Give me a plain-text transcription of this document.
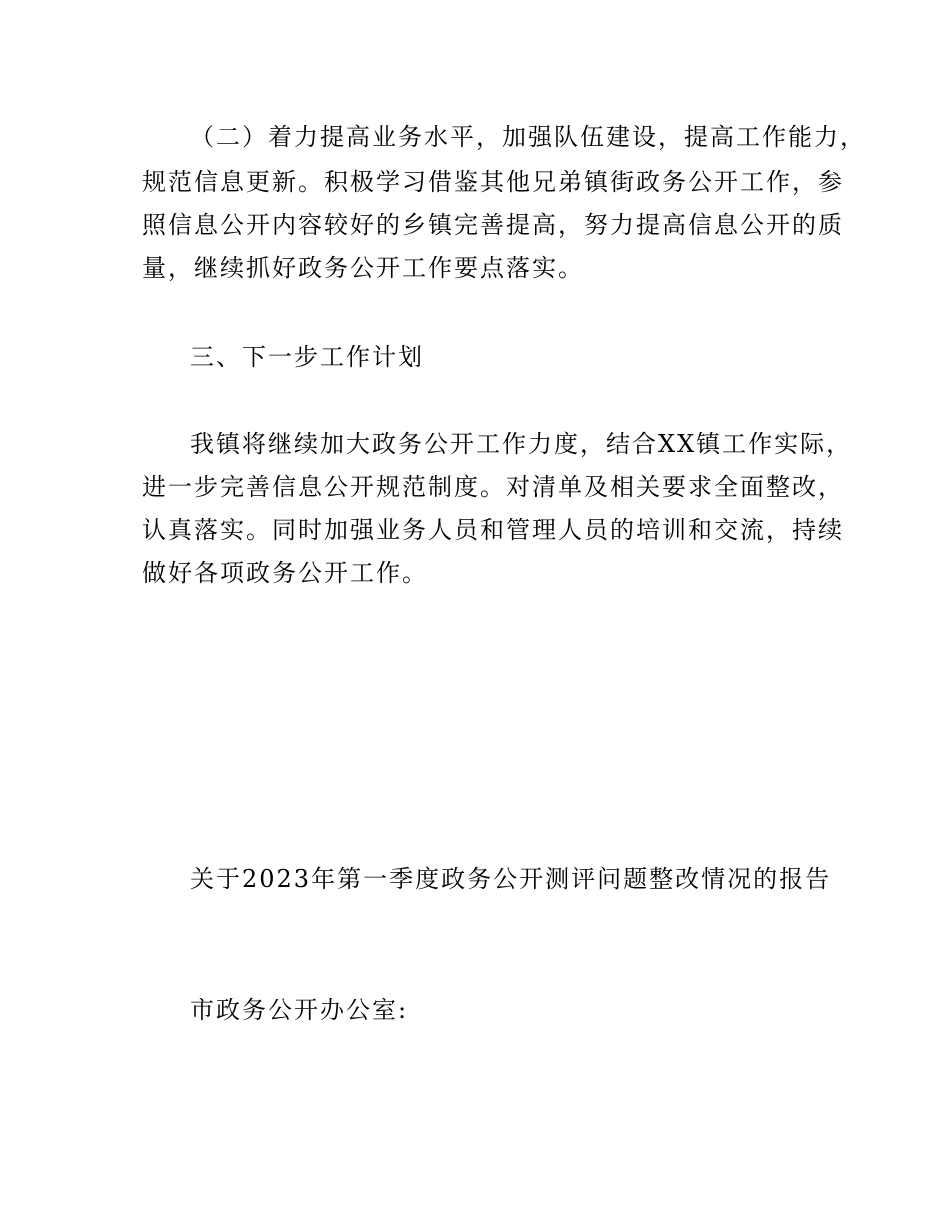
（二）着力提高业务水平，加强队伍建设，提高工作能力，
规范信息更新。积极学习借鉴其他兄弟镇街政务公开工作，参
照信息公开内容较好的乡镇完善提高，努力提高信息公开的质
量，继续抓好政务公开工作要点落实。
三、下一步工作计划
我镇将继续加大政务公开工作力度，结合XX镇工作实际，
进一步完善信息公开规范制度。对清单及相关要求全面整改，
认真落实。同时加强业务人员和管理人员的培训和交流，持续
做好各项政务公开工作。
关于2023年第一季度政务公开测评问题整改情况的报告
市政务公开办公室:
